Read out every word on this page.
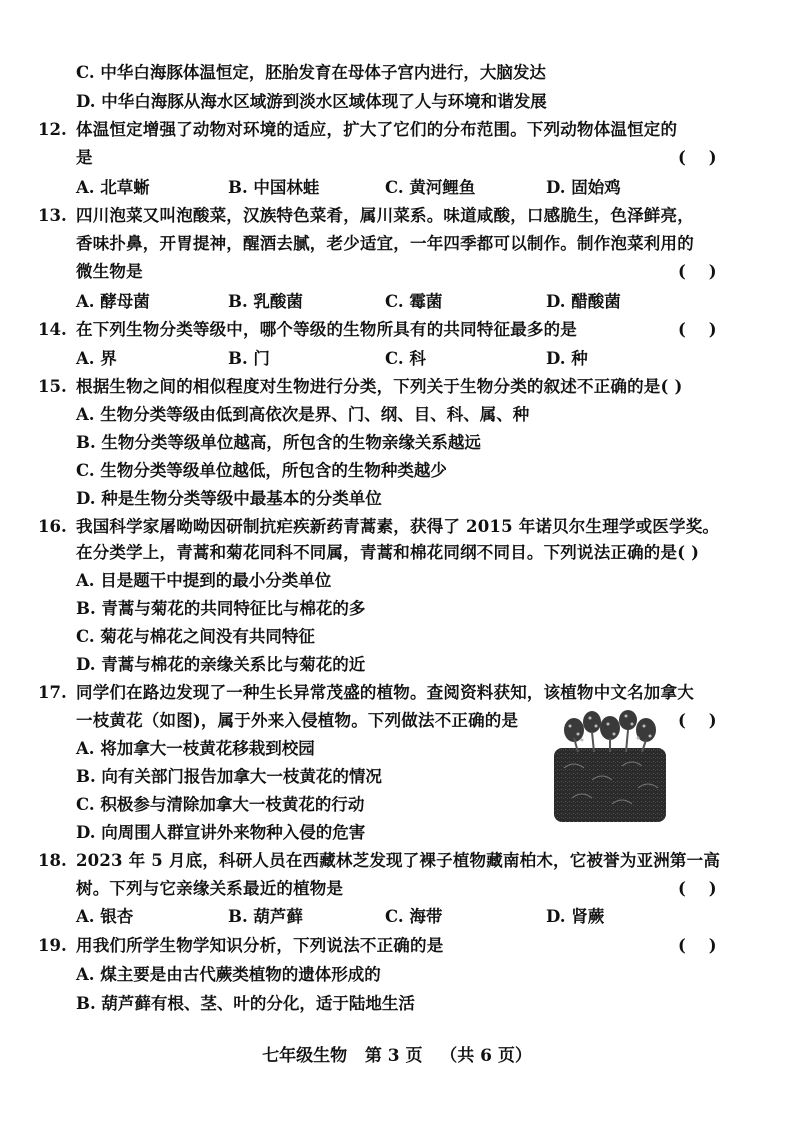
C. 中华白海豚体温恒定，胚胎发育在母体子宫内进行，大脑发达
D. 中华白海豚从海水区域游到淡水区域体现了人与环境和谐发展
12. 体温恒定增强了动物对环境的适应，扩大了它们的分布范围。下列动物体温恒定的
是	(    )
A. 北草蜥	B. 中国林蛙	C. 黄河鲤鱼	D. 固始鸡
13. 四川泡菜又叫泡酸菜，汉族特色菜肴，属川菜系。味道咸酸，口感脆生，色泽鲜亮，
香味扑鼻，开胃提神，醒酒去腻，老少适宜，一年四季都可以制作。制作泡菜利用的
微生物是	(    )
A. 酵母菌	B. 乳酸菌	C. 霉菌	D. 醋酸菌
14. 在下列生物分类等级中，哪个等级的生物所具有的共同特征最多的是	(    )
A. 界	B. 门	C. 科	D. 种
15. 根据生物之间的相似程度对生物进行分类，下列关于生物分类的叙述不正确的是( )
A. 生物分类等级由低到高依次是界、门、纲、目、科、属、种
B. 生物分类等级单位越高，所包含的生物亲缘关系越远
C. 生物分类等级单位越低，所包含的生物种类越少
D. 种是生物分类等级中最基本的分类单位
16. 我国科学家屠呦呦因研制抗疟疾新药青蒿素，获得了 2015 年诺贝尔生理学或医学奖。
在分类学上，青蒿和菊花同科不同属，青蒿和棉花同纲不同目。下列说法正确的是( )
A. 目是题干中提到的最小分类单位
B. 青蒿与菊花的共同特征比与棉花的多
C. 菊花与棉花之间没有共同特征
D. 青蒿与棉花的亲缘关系比与菊花的近
17. 同学们在路边发现了一种生长异常茂盛的植物。查阅资料获知，该植物中文名加拿大
一枝黄花（如图)，属于外来入侵植物。下列做法不正确的是	(    )
A. 将加拿大一枝黄花移栽到校园
B. 向有关部门报告加拿大一枝黄花的情况
C. 积极参与清除加拿大一枝黄花的行动
D. 向周围人群宣讲外来物种入侵的危害
18. 2023 年 5 月底，科研人员在西藏林芝发现了裸子植物藏南柏木，它被誉为亚洲第一高
树。下列与它亲缘关系最近的植物是	(    )
A. 银杏	B. 葫芦藓	C. 海带	D. 肾蕨
19. 用我们所学生物学知识分析，下列说法不正确的是	(    )
A. 煤主要是由古代蕨类植物的遗体形成的
B. 葫芦藓有根、茎、叶的分化，适于陆地生活
七年级生物   第 3 页   （共 6 页）
